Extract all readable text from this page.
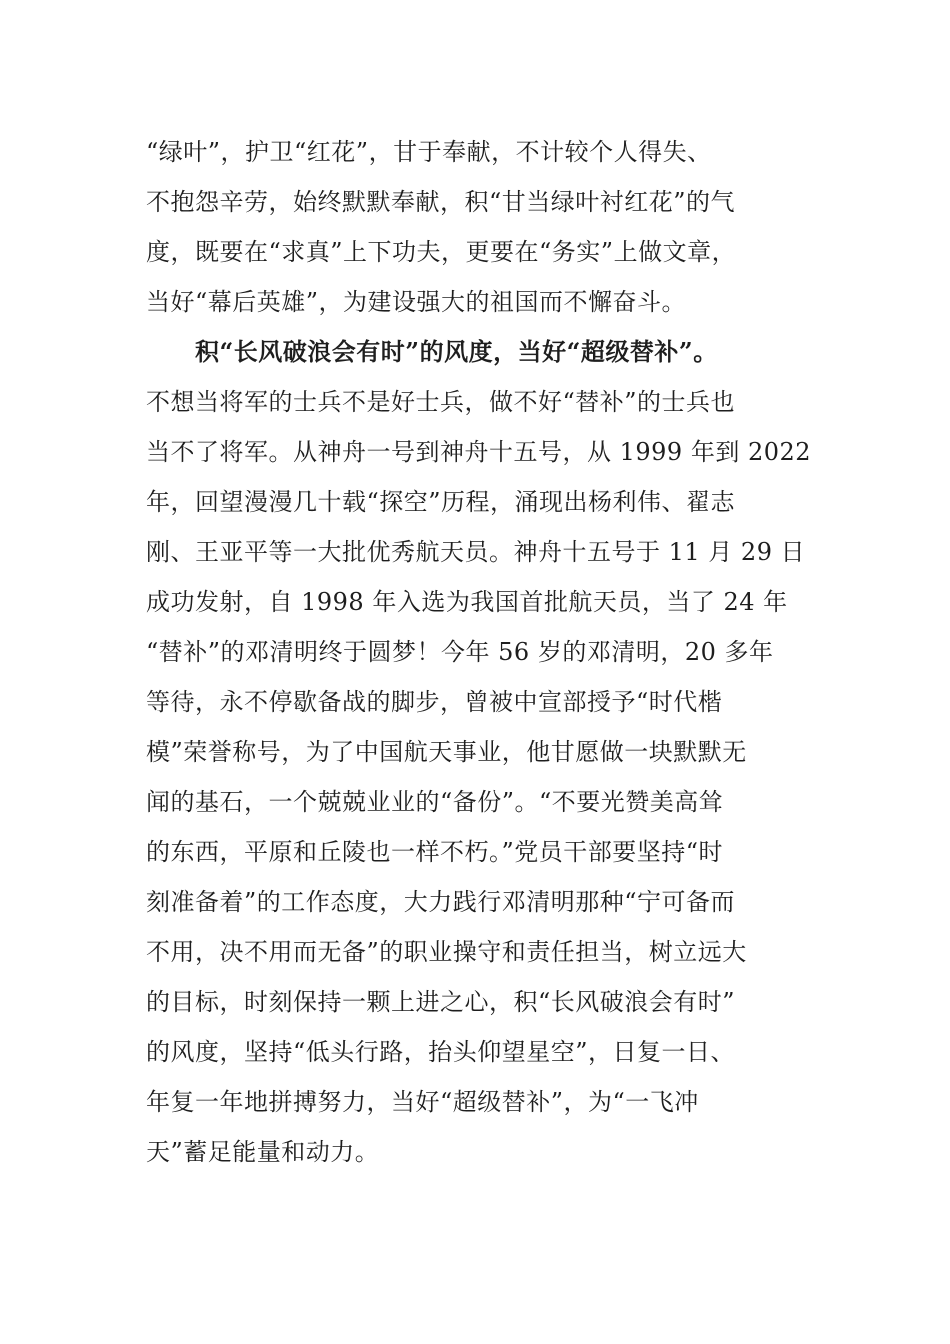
“绿叶”，护卫“红花”，甘于奉献，不计较个人得失、
不抱怨辛劳，始终默默奉献，积“甘当绿叶衬红花”的气
度，既要在“求真”上下功夫，更要在“务实”上做文章，
当好“幕后英雄”，为建设强大的祖国而不懈奋斗。
积“长风破浪会有时”的风度，当好“超级替补”。
不想当将军的士兵不是好士兵，做不好“替补”的士兵也
当不了将军。从神舟一号到神舟十五号，从 1999 年到 2022
年，回望漫漫几十载“探空”历程，涌现出杨利伟、翟志
刚、王亚平等一大批优秀航天员。神舟十五号于 11 月 29 日
成功发射，自 1998 年入选为我国首批航天员，当了 24 年
“替补”的邓清明终于圆梦！今年 56 岁的邓清明，20 多年
等待，永不停歇备战的脚步，曾被中宣部授予“时代楷
模”荣誉称号，为了中国航天事业，他甘愿做一块默默无
闻的基石，一个兢兢业业的“备份”。“不要光赞美高耸
的东西，平原和丘陵也一样不朽。”党员干部要坚持“时
刻准备着”的工作态度，大力践行邓清明那种“宁可备而
不用，决不用而无备”的职业操守和责任担当，树立远大
的目标，时刻保持一颗上进之心，积“长风破浪会有时”
的风度，坚持“低头行路，抬头仰望星空”，日复一日、
年复一年地拼搏努力，当好“超级替补”，为“一飞冲
天”蓄足能量和动力。
